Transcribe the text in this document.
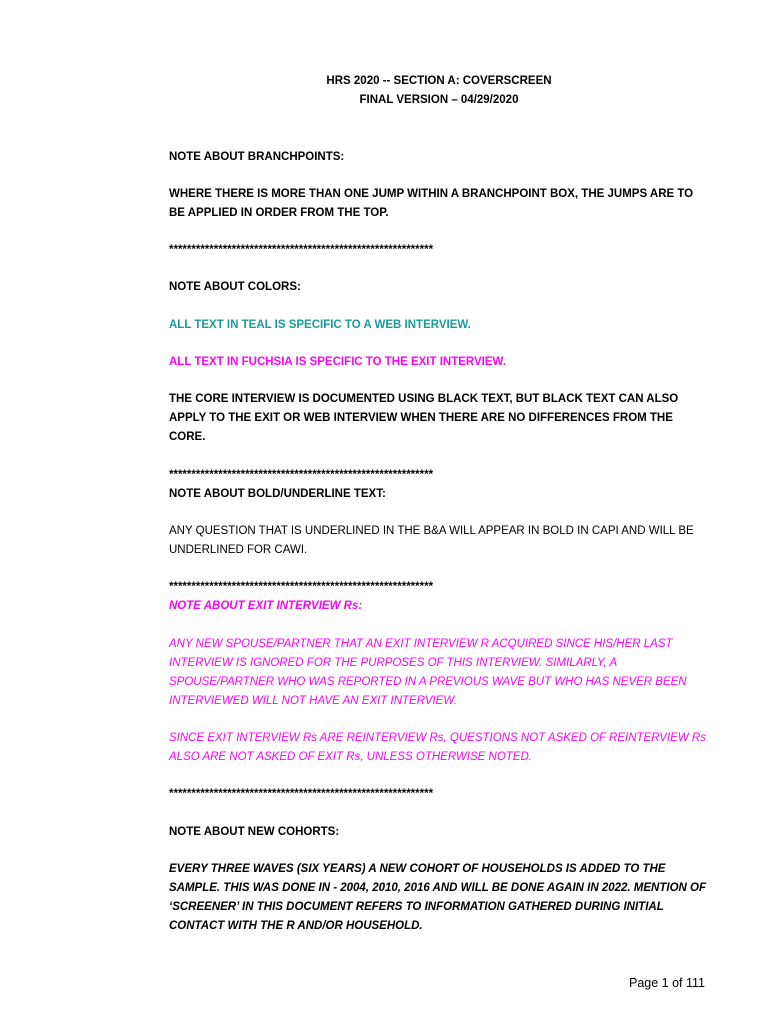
HRS 2020 -- SECTION A: COVERSCREEN
FINAL VERSION – 04/29/2020
NOTE ABOUT BRANCHPOINTS:
WHERE THERE IS MORE THAN ONE JUMP WITHIN A BRANCHPOINT BOX, THE JUMPS ARE TO BE APPLIED IN ORDER FROM THE TOP.
***********************************************************
NOTE ABOUT COLORS:
ALL TEXT IN TEAL IS SPECIFIC TO A WEB INTERVIEW.
ALL TEXT IN FUCHSIA IS SPECIFIC TO THE EXIT INTERVIEW.
THE CORE INTERVIEW IS DOCUMENTED USING BLACK TEXT, BUT BLACK TEXT CAN ALSO APPLY TO THE EXIT OR WEB INTERVIEW WHEN THERE ARE NO DIFFERENCES FROM THE CORE.
***********************************************************
NOTE ABOUT BOLD/UNDERLINE TEXT:
ANY QUESTION THAT IS UNDERLINED IN THE B&A WILL APPEAR IN BOLD IN CAPI AND WILL BE UNDERLINED FOR CAWI.
***********************************************************
NOTE ABOUT EXIT INTERVIEW Rs:
ANY NEW SPOUSE/PARTNER THAT AN EXIT INTERVIEW R ACQUIRED SINCE HIS/HER LAST INTERVIEW IS IGNORED FOR THE PURPOSES OF THIS INTERVIEW. SIMILARLY, A SPOUSE/PARTNER WHO WAS REPORTED IN A PREVIOUS WAVE BUT WHO HAS NEVER BEEN INTERVIEWED WILL NOT HAVE AN EXIT INTERVIEW.
SINCE EXIT INTERVIEW Rs ARE REINTERVIEW Rs, QUESTIONS NOT ASKED OF REINTERVIEW Rs ALSO ARE NOT ASKED OF EXIT Rs, UNLESS OTHERWISE NOTED.
***********************************************************
NOTE ABOUT NEW COHORTS:
EVERY THREE WAVES (SIX YEARS) A NEW COHORT OF HOUSEHOLDS IS ADDED TO THE SAMPLE. THIS WAS DONE IN - 2004, 2010, 2016 AND WILL BE DONE AGAIN IN 2022. MENTION OF ‘SCREENER’ IN THIS DOCUMENT REFERS TO INFORMATION GATHERED DURING INITIAL CONTACT WITH THE R AND/OR HOUSEHOLD.
Page 1 of 111
